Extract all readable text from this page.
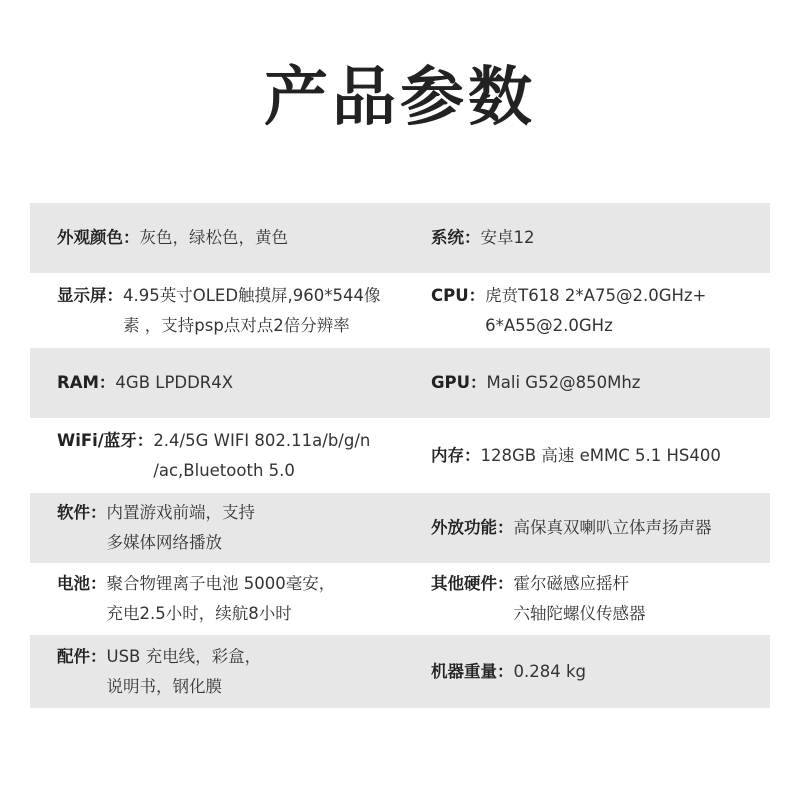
产品参数
外观颜色： 灰色，绿松色，黄色	系统： 安卓12
显示屏： 4.95英寸OLED触摸屏,960*544像
素 ，支持psp点对点2倍分辨率
CPU： 虎贲T618 2*A75@2.0GHz+
6*A55@2.0GHz
RAM： 4GB LPDDR4X	GPU： Mali G52@850Mhz
WiFi/蓝牙： 2.4/5G WIFI 802.11a/b/g/n
/ac,Bluetooth 5.0
内存： 128GB 高速 eMMC 5.1 HS400
软件： 内置游戏前端，支持
多媒体网络播放
外放功能： 高保真双喇叭立体声扬声器
电池： 聚合物锂离子电池 5000毫安，
充电2.5小时，续航8小时
其他硬件： 霍尔磁感应摇杆
六轴陀螺仪传感器
配件： USB 充电线，彩盒，
说明书，钢化膜
机器重量： 0.284 kg
